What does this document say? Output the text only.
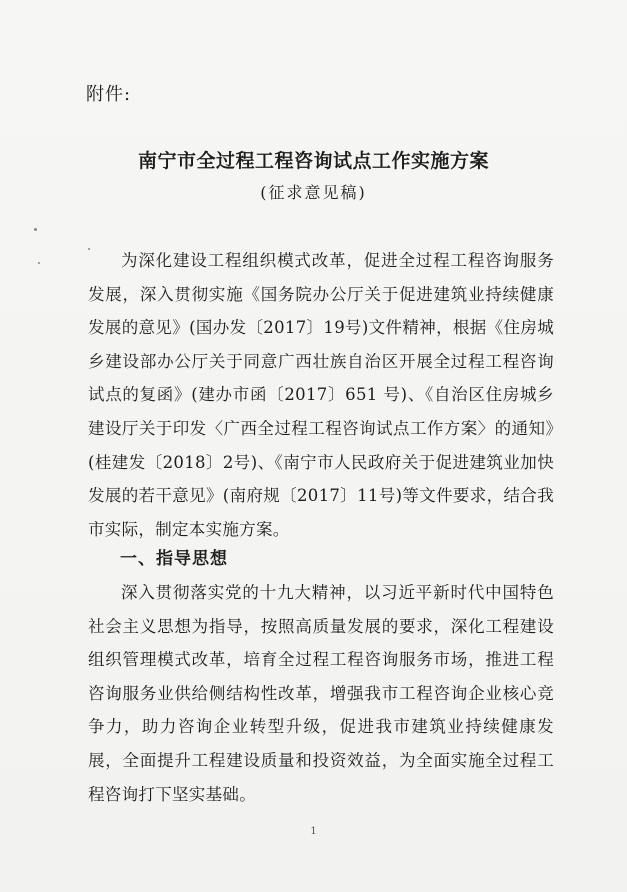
附件:
南宁市全过程工程咨询试点工作实施方案
(征求意见稿)

为深化建设工程组织模式改革，促进全过程工程咨询服务发展，深入贯彻实施《国务院办公厅关于促进建筑业持续健康发展的意见》(国办发〔2017〕19号)文件精神，根据《住房城乡建设部办公厅关于同意广西壮族自治区开展全过程工程咨询试点的复函》(建办市函〔2017〕651 号)、《自治区住房城乡建设厅关于印发〈广西全过程工程咨询试点工作方案〉的通知》(桂建发〔2018〕2号)、《南宁市人民政府关于促进建筑业加快发展的若干意见》(南府规〔2017〕11号)等文件要求，结合我市实际，制定本实施方案。

一、指导思想

深入贯彻落实党的十九大精神，以习近平新时代中国特色社会主义思想为指导，按照高质量发展的要求，深化工程建设组织管理模式改革，培育全过程工程咨询服务市场，推进工程咨询服务业供给侧结构性改革，增强我市工程咨询企业核心竞争力，助力咨询企业转型升级，促进我市建筑业持续健康发展，全面提升工程建设质量和投资效益，为全面实施全过程工程咨询打下坚实基础。

1
